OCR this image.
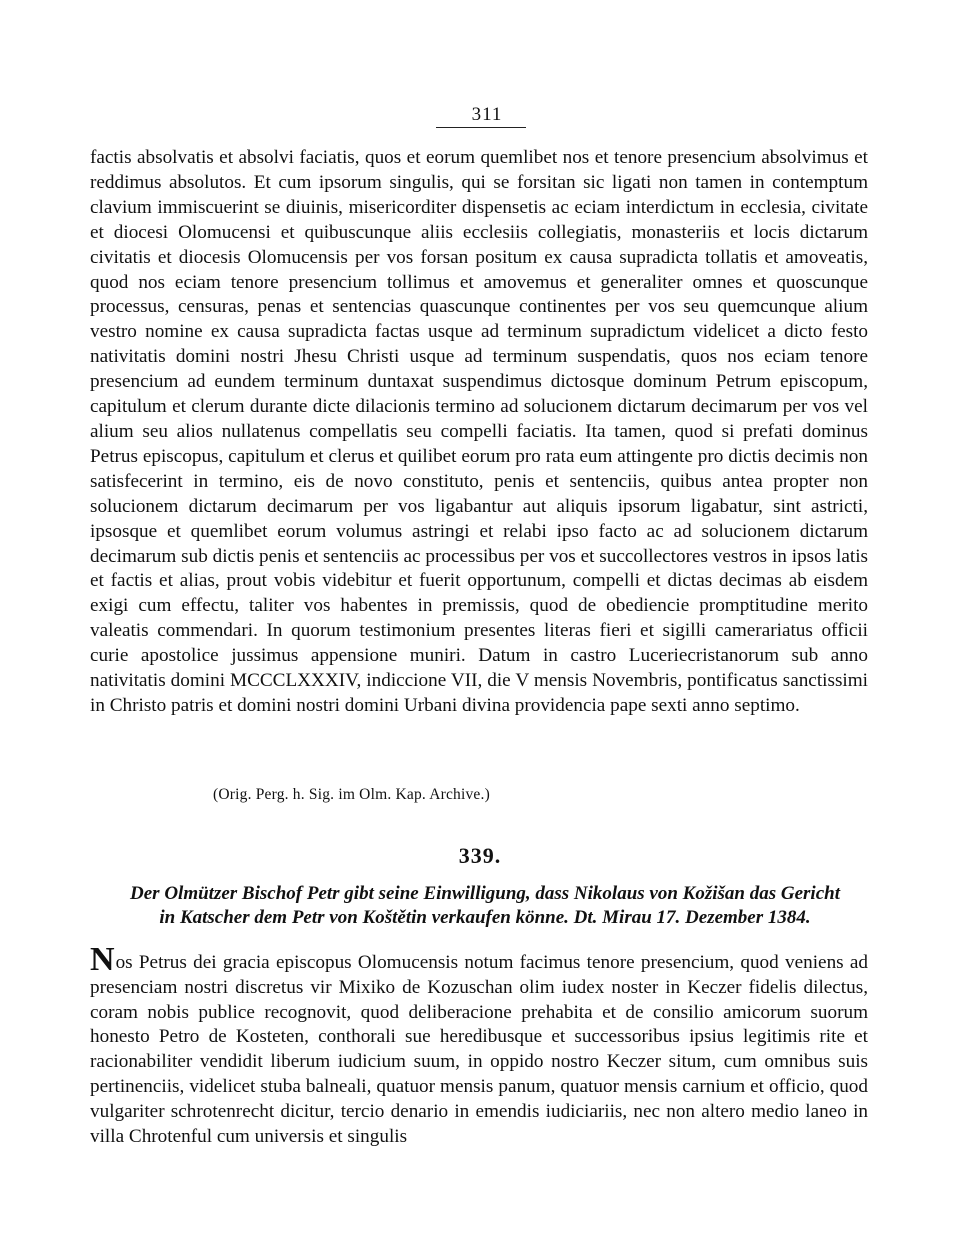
311

factis absolvatis et absolvi faciatis, quos et eorum quemlibet nos et tenore presencium absolvimus et reddimus absolutos. Et cum ipsorum singulis, qui se forsitan sic ligati non tamen in contemptum clavium immiscuerint se diuinis, misericorditer dispensetis ac eciam interdictum in ecclesia, civitate et diocesi Olomucensi et quibuscunque aliis ecclesiis collegiatis, monasteriis et locis dictarum civitatis et diocesis Olomucensis per vos forsan positum ex causa supradicta tollatis et amoveatis, quod nos eciam tenore presencium tollimus et amovemus et generaliter omnes et quoscunque processus, censuras, penas et sentencias quascunque continentes per vos seu quemcunque alium vestro nomine ex causa supradicta factas usque ad terminum supradictum videlicet a dicto festo nativitatis domini nostri Jhesu Christi usque ad terminum suspendatis, quos nos eciam tenore presencium ad eundem terminum duntaxat suspendimus dictosque dominum Petrum episcopum, capitulum et clerum durante dicte dilacionis termino ad solucionem dictarum decimarum per vos vel alium seu alios nullatenus compellatis seu compelli faciatis. Ita tamen, quod si prefati dominus Petrus episcopus, capitulum et clerus et quilibet eorum pro rata eum attingente pro dictis decimis non satisfecerint in termino, eis de novo constituto, penis et sentenciis, quibus antea propter non solucionem dictarum decimarum per vos ligabantur aut aliquis ipsorum ligabatur, sint astricti, ipsosque et quemlibet eorum volumus astringi et relabi ipso facto ac ad solucionem dictarum decimarum sub dictis penis et sentenciis ac processibus per vos et succollectores vestros in ipsos latis et factis et alias, prout vobis videbitur et fuerit opportunum, compelli et dictas decimas ab eisdem exigi cum effectu, taliter vos habentes in premissis, quod de obediencie promptitudine merito valeatis commendari. In quorum testimonium presentes literas fieri et sigilli camerariatus officii curie apostolice jussimus appensione muniri. Datum in castro Luceriecristanorum sub anno nativitatis domini MCCCLXXXIV, indiccione VII, die V mensis Novembris, pontificatus sanctissimi in Christo patris et domini nostri domini Urbani divina providencia pape sexti anno septimo.

(Orig. Perg. h. Sig. im Olm. Kap. Archive.)
339.
Der Olmützer Bischof Petr gibt seine Einwilligung, dass Nikolaus von Kožišan das Gericht
in Katscher dem Petr von Koštětin verkaufen könne. Dt. Mirau 17. Dezember 1384.

Nos Petrus dei gracia episcopus Olomucensis notum facimus tenore presencium, quod veniens ad presenciam nostri discretus vir Mixiko de Kozuschan olim iudex noster in Keczer fidelis dilectus, coram nobis publice recognovit, quod deliberacione prehabita et de consilio amicorum suorum honesto Petro de Kosteten, conthorali sue heredibusque et successoribus ipsius legitimis rite et racionabiliter vendidit liberum iudicium suum, in oppido nostro Keczer situm, cum omnibus suis pertinenciis, videlicet stuba balneali, quatuor mensis panum, quatuor mensis carnium et officio, quod vulgariter schrotenrecht dicitur, tercio denario in emendis iudiciariis, nec non altero medio laneo in villa Chrotenful cum universis et singulis
